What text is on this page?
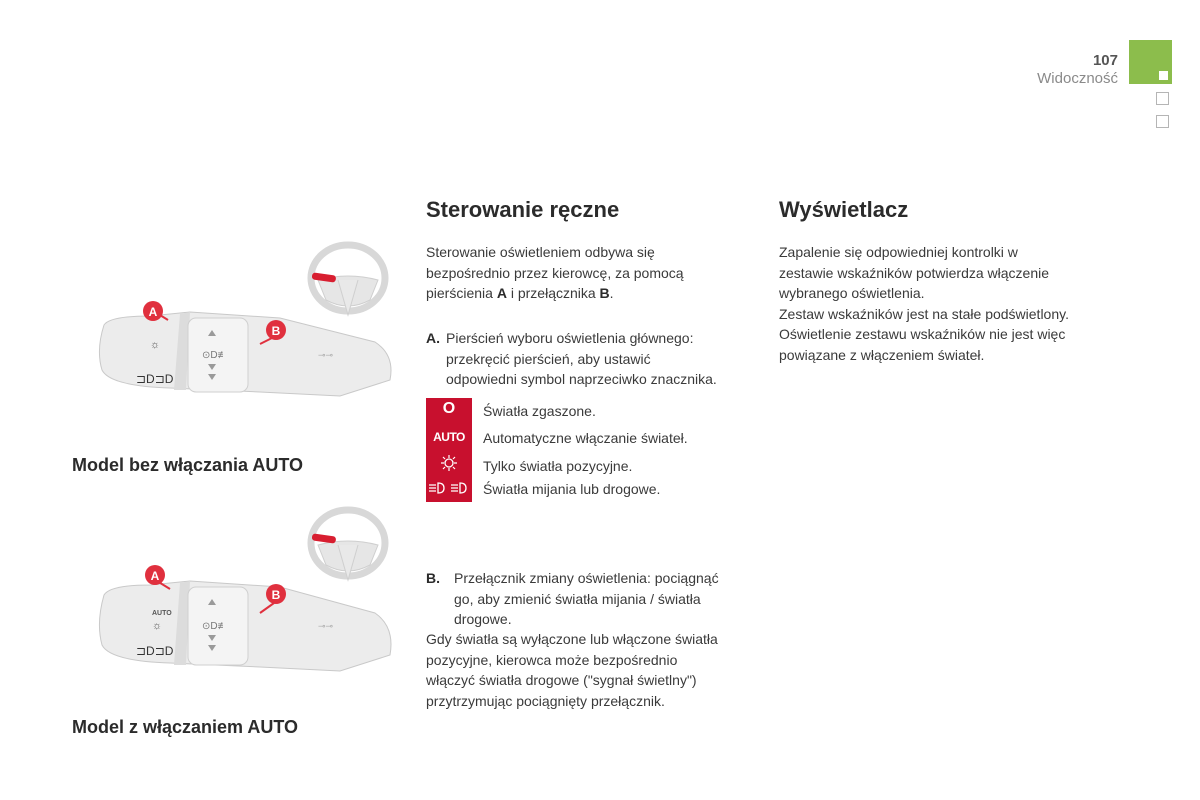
107
Widoczność
⊙D≢
☼
⊐D⊐D
⊸⊸
A
B
Model bez włączania AUTO
⊙D≢
AUTO
☼
⊐D⊐D
⊸⊸
A
B
Model z włączaniem AUTO
Sterowanie ręczne

Sterowanie oświetleniem odbywa się
bezpośrednio przez kierowcę, za pomocą
pierścienia A i przełącznika B.

A. Pierścień wyboru oświetlenia głównego:
przekręcić pierścień, aby ustawić
odpowiedni symbol naprzeciwko znacznika.
O
AUTO
Światła zgaszone.
Automatyczne włączanie świateł.
Tylko światła pozycyjne.
Światła mijania lub drogowe.
B. Przełącznik zmiany oświetlenia: pociągnąć
go, aby zmienić światła mijania / światła
drogowe.

Gdy światła są wyłączone lub włączone światła
pozycyjne, kierowca może bezpośrednio
włączyć światła drogowe ("sygnał świetlny")
przytrzymując pociągnięty przełącznik.

Wyświetlacz

Zapalenie się odpowiedniej kontrolki w
zestawie wskaźników potwierdza włączenie
wybranego oświetlenia.
Zestaw wskaźników jest na stałe podświetlony.
Oświetlenie zestawu wskaźników nie jest więc
powiązane z włączeniem świateł.
